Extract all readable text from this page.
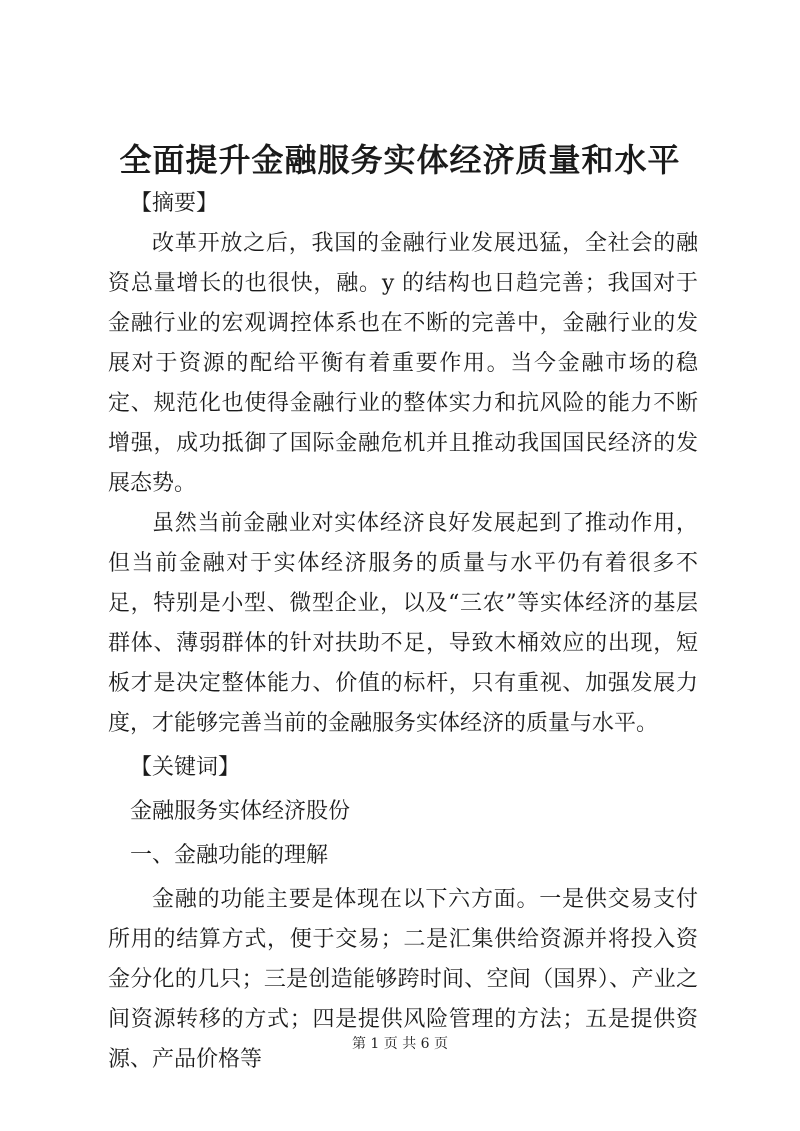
全面提升金融服务实体经济质量和水平

【摘要】

改革开放之后，我国的金融行业发展迅猛，全社会的融资总量增长的也很快，融。y 的结构也日趋完善；我国对于金融行业的宏观调控体系也在不断的完善中，金融行业的发展对于资源的配给平衡有着重要作用。当今金融市场的稳定、规范化也使得金融行业的整体实力和抗风险的能力不断增强，成功抵御了国际金融危机并且推动我国国民经济的发展态势。

虽然当前金融业对实体经济良好发展起到了推动作用，但当前金融对于实体经济服务的质量与水平仍有着很多不足，特别是小型、微型企业，以及“三农”等实体经济的基层群体、薄弱群体的针对扶助不足，导致木桶效应的出现，短板才是决定整体能力、价值的标杆，只有重视、加强发展力度，才能够完善当前的金融服务实体经济的质量与水平。

【关键词】

金融服务实体经济股份

一、金融功能的理解

金融的功能主要是体现在以下六方面。一是供交易支付所用的结算方式，便于交易；二是汇集供给资源并将投入资金分化的几只；三是创造能够跨时间、空间（国界）、产业之间资源转移的方式；四是提供风险管理的方法；五是提供资源、产品价格等

第 1 页 共 6 页
